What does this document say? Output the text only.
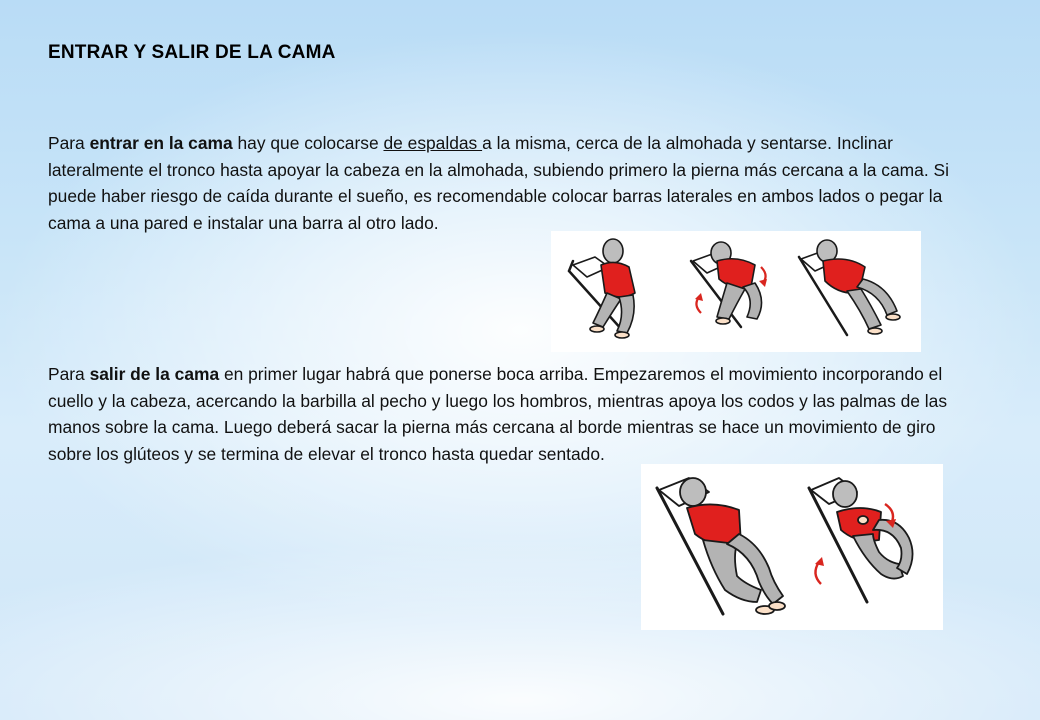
ENTRAR Y SALIR DE LA CAMA
Para entrar en la cama hay que colocarse de espaldas a la misma, cerca de la almohada y sentarse. Inclinar lateralmente el tronco hasta apoyar la cabeza en la almohada, subiendo primero la pierna más cercana a la cama. Si puede haber riesgo de caída durante el sueño, es recomendable colocar barras laterales en ambos lados o pegar la cama a una pared e instalar una barra al otro lado.
Para salir de la cama en primer lugar habrá que ponerse boca arriba. Empezaremos el movimiento incorporando el cuello y la cabeza, acercando la barbilla al pecho y luego los hombros, mientras apoya los codos y las palmas de las manos sobre la cama. Luego deberá sacar la pierna más cercana al borde mientras se hace un movimiento de giro sobre los glúteos y se termina de elevar el tronco hasta quedar sentado.
